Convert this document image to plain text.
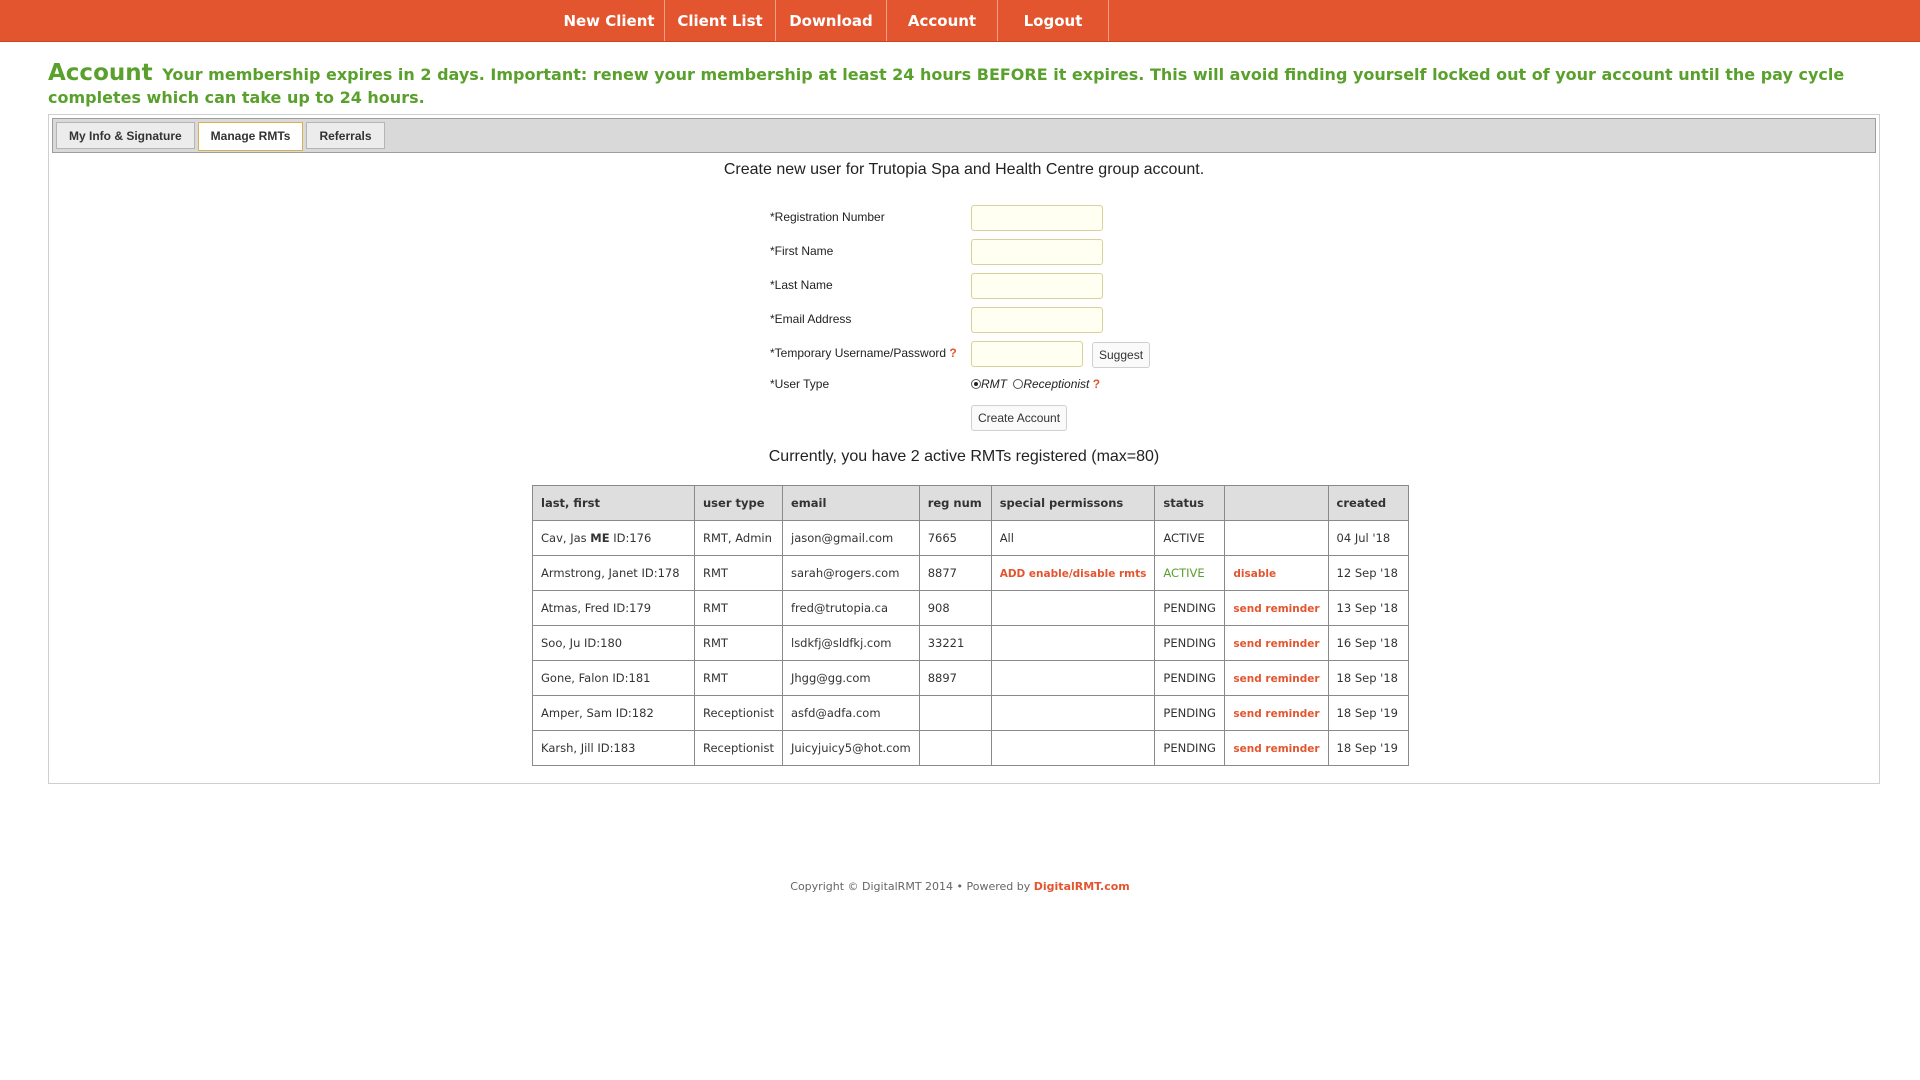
New Client	Client List	Download	Account	Logout
Account Your membership expires in 2 days. Important: renew your membership at least 24 hours BEFORE it expires. This will avoid finding yourself locked out of your account until the pay cycle completes which can take up to 24 hours.
My Info & Signature	Manage RMTs	Referrals
Create new user for Trutopia Spa and Health Centre group account.
*Registration Number
*First Name
*Last Name
*Email Address
*Temporary Username/Password ?	Suggest
*User Type	RMT Receptionist ?
Create Account
Currently, you have 2 active RMTs registered (max=80)
last, first	user type	email	reg num	special permissons	status		created
Cav, Jas ME ID:176	RMT, Admin	jason@gmail.com	7665	All	ACTIVE		04 Jul '18
Armstrong, Janet ID:178	RMT	sarah@rogers.com	8877	ADD enable/disable rmts	ACTIVE	disable	12 Sep '18
Atmas, Fred ID:179	RMT	fred@trutopia.ca	908		PENDING	send reminder	13 Sep '18
Soo, Ju ID:180	RMT	lsdkfj@sldfkj.com	33221		PENDING	send reminder	16 Sep '18
Gone, Falon ID:181	RMT	Jhgg@gg.com	8897		PENDING	send reminder	18 Sep '18
Amper, Sam ID:182	Receptionist	asfd@adfa.com			PENDING	send reminder	18 Sep '19
Karsh, Jill ID:183	Receptionist	Juicyjuicy5@hot.com			PENDING	send reminder	18 Sep '19
Copyright © DigitalRMT 2014 • Powered by DigitalRMT.com
